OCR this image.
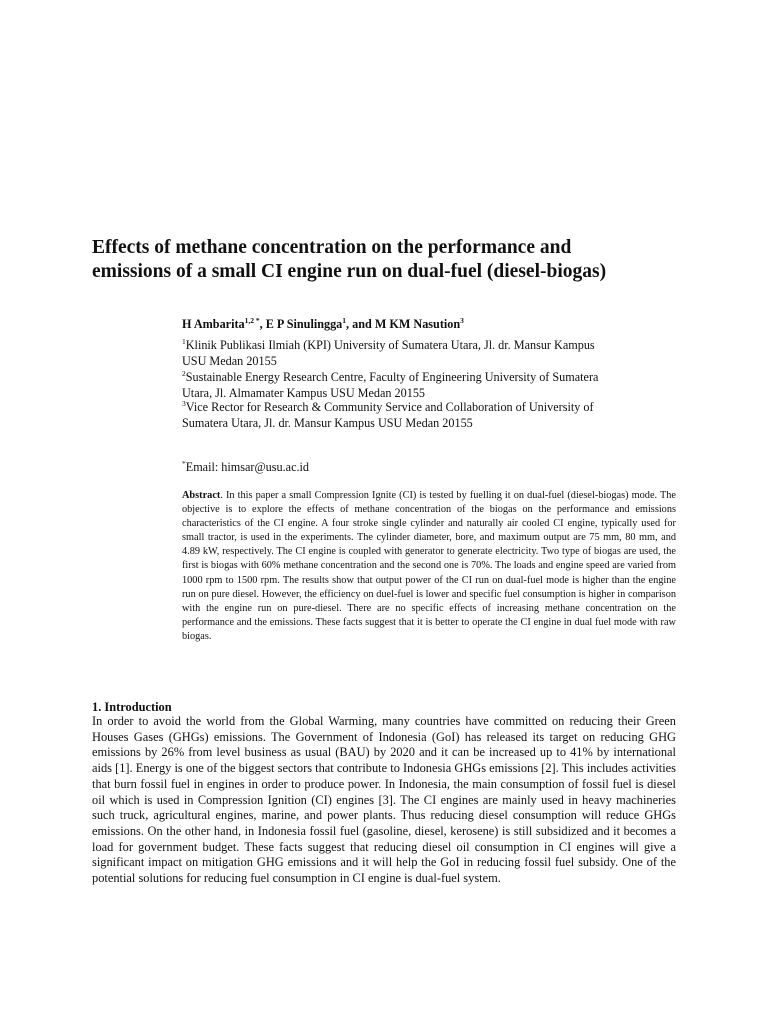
Effects of methane concentration on the performance and
emissions of a small CI engine run on dual-fuel (diesel-biogas)
H Ambarita$^{1,2 *}$, E P Sinulingga$^1$, and M KM Nasution$^3$
$^1$Klinik Publikasi Ilmiah (KPI) University of Sumatera Utara, Jl. dr. Mansur Kampus
USU Medan 20155
$^2$Sustainable Energy Research Centre, Faculty of Engineering University of Sumatera
Utara, Jl. Almamater Kampus USU Medan 20155
$^3$Vice Rector for Research & Community Service and Collaboration of University of
Sumatera Utara, Jl. dr. Mansur Kampus USU Medan 20155
*Email: himsar@usu.ac.id

Abstract. In this paper a small Compression Ignite (CI) is tested by fuelling it on dual-fuel (diesel-biogas) mode. The objective is to explore the effects of methane concentration of the biogas on the performance and emissions characteristics of the CI engine. A four stroke single cylinder and naturally air cooled CI engine, typically used for small tractor, is used in the experiments. The cylinder diameter, bore, and maximum output are 75 mm, 80 mm, and 4.89 kW, respectively. The CI engine is coupled with generator to generate electricity. Two type of biogas are used, the first is biogas with 60% methane concentration and the second one is 70%. The loads and engine speed are varied from 1000 rpm to 1500 rpm. The results show that output power of the CI run on dual-fuel mode is higher than the engine run on pure diesel. However, the efficiency on duel-fuel is lower and specific fuel consumption is higher in comparison with the engine run on pure-diesel. There are no specific effects of increasing methane concentration on the performance and the emissions. These facts suggest that it is better to operate the CI engine in dual fuel mode with raw biogas.

1. Introduction

In order to avoid the world from the Global Warming, many countries have committed on reducing their Green Houses Gases (GHGs) emissions. The Government of Indonesia (GoI) has released its target on reducing GHG emissions by 26% from level business as usual (BAU) by 2020 and it can be increased up to 41% by international aids [1]. Energy is one of the biggest sectors that contribute to Indonesia GHGs emissions [2]. This includes activities that burn fossil fuel in engines in order to produce power. In Indonesia, the main consumption of fossil fuel is diesel oil which is used in Compression Ignition (CI) engines [3]. The CI engines are mainly used in heavy machineries such truck, agricultural engines, marine, and power plants. Thus reducing diesel consumption will reduce GHGs emissions. On the other hand, in Indonesia fossil fuel (gasoline, diesel, kerosene) is still subsidized and it becomes a load for government budget. These facts suggest that reducing diesel oil consumption in CI engines will give a significant impact on mitigation GHG emissions and it will help the GoI in reducing fossil fuel subsidy. One of the potential solutions for reducing fuel consumption in CI engine is dual-fuel system.
